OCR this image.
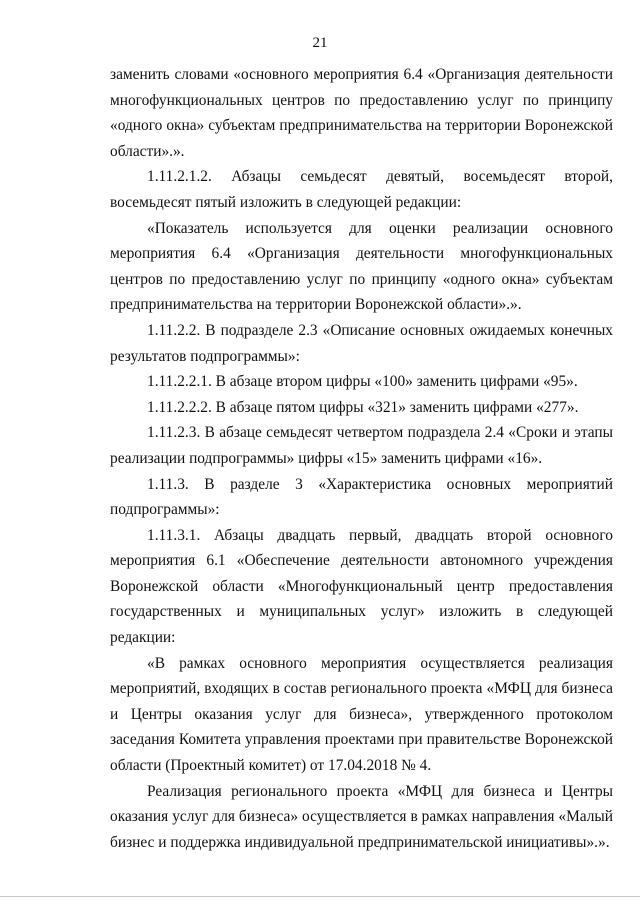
21

заменить словами «основного мероприятия 6.4 «Организация деятельности многофункциональных центров по предоставлению услуг по принципу «одного окна» субъектам предпринимательства на территории Воронежской области».».

1.11.2.1.2. Абзацы семьдесят девятый, восемьдесят второй, восемьдесят пятый изложить в следующей редакции:

«Показатель используется для оценки реализации основного мероприятия 6.4 «Организация деятельности многофункциональных центров по предоставлению услуг по принципу «одного окна» субъектам предпринимательства на территории Воронежской области».».

1.11.2.2. В подразделе 2.3 «Описание основных ожидаемых конечных результатов подпрограммы»:

1.11.2.2.1. В абзаце втором цифры «100» заменить цифрами «95».

1.11.2.2.2. В абзаце пятом цифры «321» заменить цифрами «277».

1.11.2.3. В абзаце семьдесят четвертом подраздела 2.4 «Сроки и этапы реализации подпрограммы» цифры «15» заменить цифрами «16».

1.11.3. В разделе 3 «Характеристика основных мероприятий подпрограммы»:

1.11.3.1. Абзацы двадцать первый, двадцать второй основного мероприятия 6.1 «Обеспечение деятельности автономного учреждения Воронежской области «Многофункциональный центр предоставления государственных и муниципальных услуг» изложить в следующей редакции:

«В рамках основного мероприятия осуществляется реализация мероприятий, входящих в состав регионального проекта «МФЦ для бизнеса и Центры оказания услуг для бизнеса», утвержденного протоколом заседания Комитета управления проектами при правительстве Воронежской области (Проектный комитет) от 17.04.2018 № 4.

Реализация регионального проекта «МФЦ для бизнеса и Центры оказания услуг для бизнеса» осуществляется в рамках направления «Малый бизнес и поддержка индивидуальной предпринимательской инициативы».».
